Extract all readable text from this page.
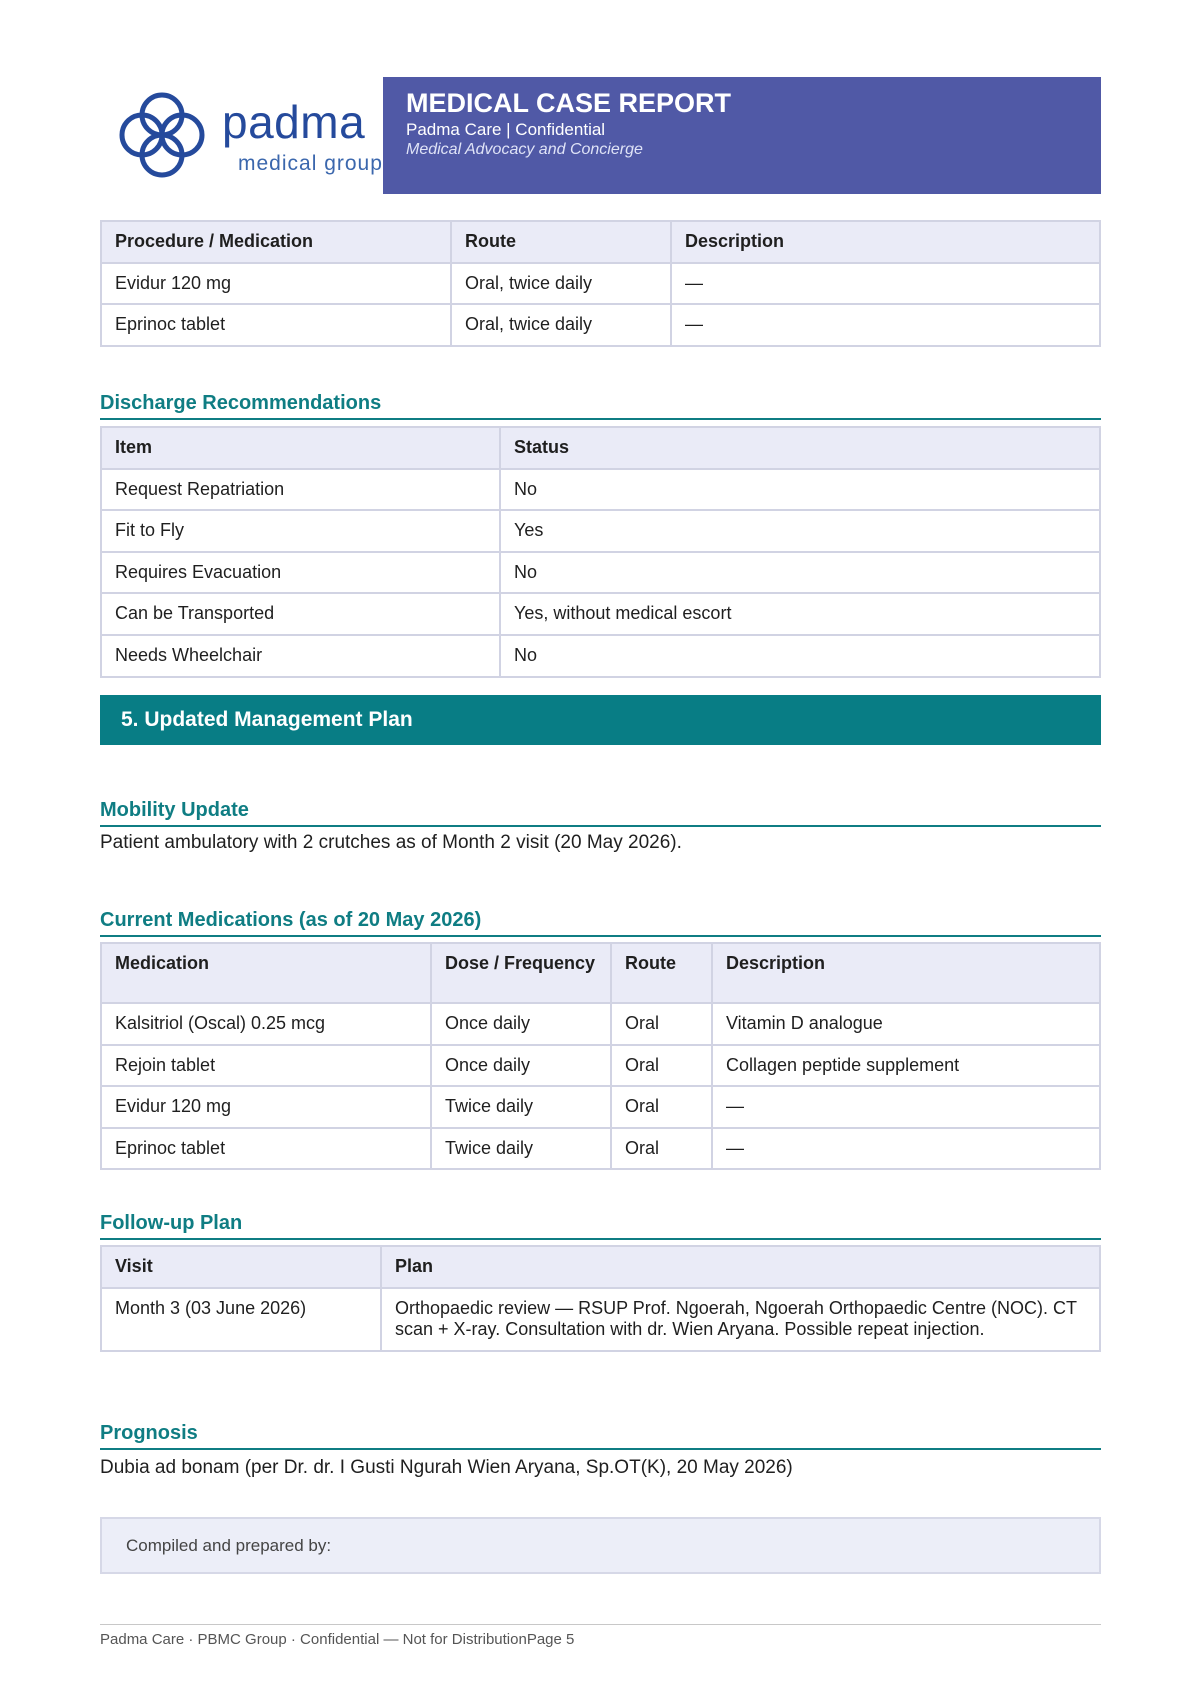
padma
medical group
MEDICAL CASE REPORT
Padma Care | Confidential
Medical Advocacy and Concierge
Procedure / Medication	Route	Description
Evidur 120 mg	Oral, twice daily	—
Eprinoc tablet	Oral, twice daily	—
Discharge Recommendations
Item	Status
Request Repatriation	No
Fit to Fly	Yes
Requires Evacuation	No
Can be Transported	Yes, without medical escort
Needs Wheelchair	No
5. Updated Management Plan
Mobility Update
Patient ambulatory with 2 crutches as of Month 2 visit (20 May 2026).
Current Medications (as of 20 May 2026)
Medication	Dose / Frequency	Route	Description
Kalsitriol (Oscal) 0.25 mcg	Once daily	Oral	Vitamin D analogue
Rejoin tablet	Once daily	Oral	Collagen peptide supplement
Evidur 120 mg	Twice daily	Oral	—
Eprinoc tablet	Twice daily	Oral	—
Follow-up Plan
Visit	Plan
Month 3 (03 June 2026)	Orthopaedic review — RSUP Prof. Ngoerah, Ngoerah Orthopaedic Centre (NOC). CT scan + X-ray. Consultation with dr. Wien Aryana. Possible repeat injection.
Prognosis
Dubia ad bonam (per Dr. dr. I Gusti Ngurah Wien Aryana, Sp.OT(K), 20 May 2026)
Compiled and prepared by:
Padma Care · PBMC Group · Confidential — Not for DistributionPage 5
